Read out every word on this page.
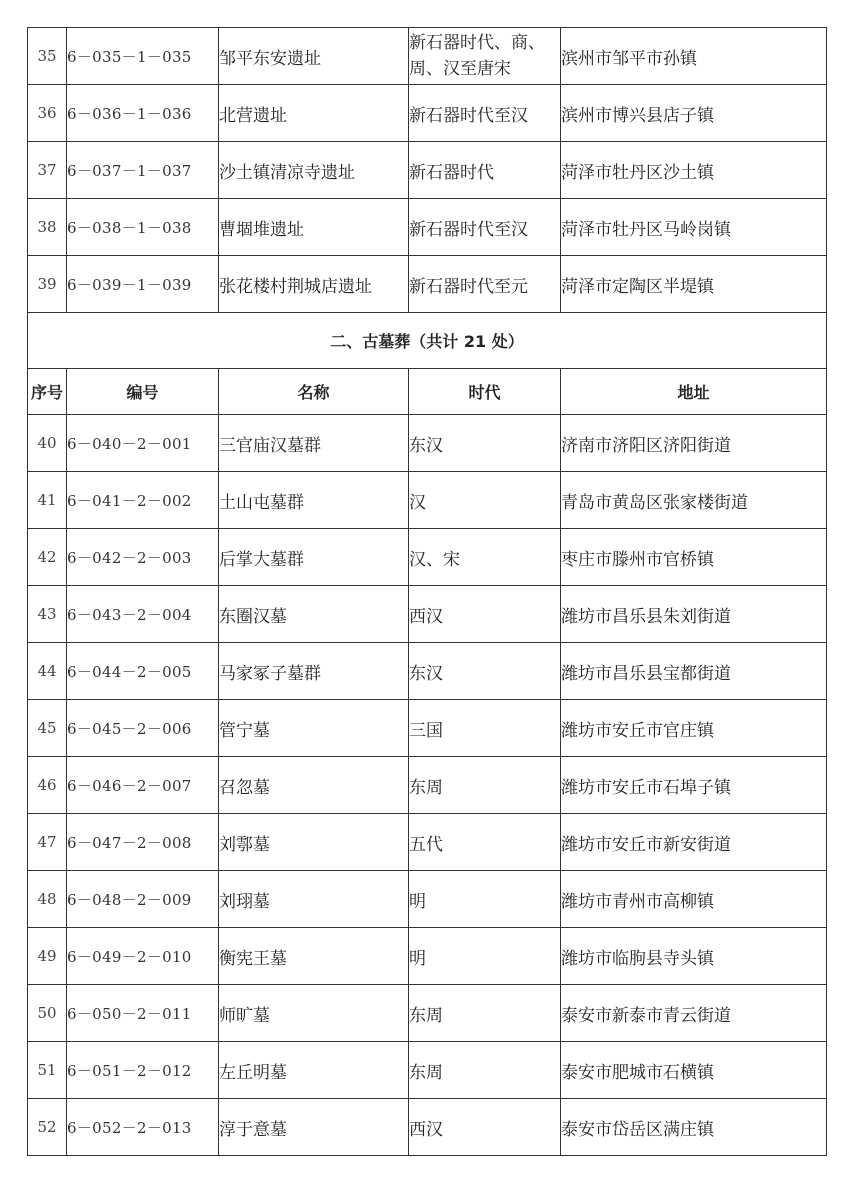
35	6－035－1－035	邹平东安遗址	新石器时代、商、周、汉至唐宋	滨州市邹平市孙镇
36	6－036－1－036	北营遗址	新石器时代至汉	滨州市博兴县店子镇
37	6－037－1－037	沙土镇清凉寺遗址	新石器时代	菏泽市牡丹区沙土镇
38	6－038－1－038	曹堌堆遗址	新石器时代至汉	菏泽市牡丹区马岭岗镇
39	6－039－1－039	张花楼村荆城店遗址	新石器时代至元	菏泽市定陶区半堤镇
二、古墓葬（共计 21 处）				
序号	编号	名称	时代	地址
40	6－040－2－001	三官庙汉墓群	东汉	济南市济阳区济阳街道
41	6－041－2－002	土山屯墓群	汉	青岛市黄岛区张家楼街道
42	6－042－2－003	后掌大墓群	汉、宋	枣庄市滕州市官桥镇
43	6－043－2－004	东圈汉墓	西汉	潍坊市昌乐县朱刘街道
44	6－044－2－005	马家冢子墓群	东汉	潍坊市昌乐县宝都街道
45	6－045－2－006	管宁墓	三国	潍坊市安丘市官庄镇
46	6－046－2－007	召忽墓	东周	潍坊市安丘市石埠子镇
47	6－047－2－008	刘鄠墓	五代	潍坊市安丘市新安街道
48	6－048－2－009	刘珝墓	明	潍坊市青州市高柳镇
49	6－049－2－010	衡宪王墓	明	潍坊市临朐县寺头镇
50	6－050－2－011	师旷墓	东周	泰安市新泰市青云街道
51	6－051－2－012	左丘明墓	东周	泰安市肥城市石横镇
52	6－052－2－013	淳于意墓	西汉	泰安市岱岳区满庄镇
